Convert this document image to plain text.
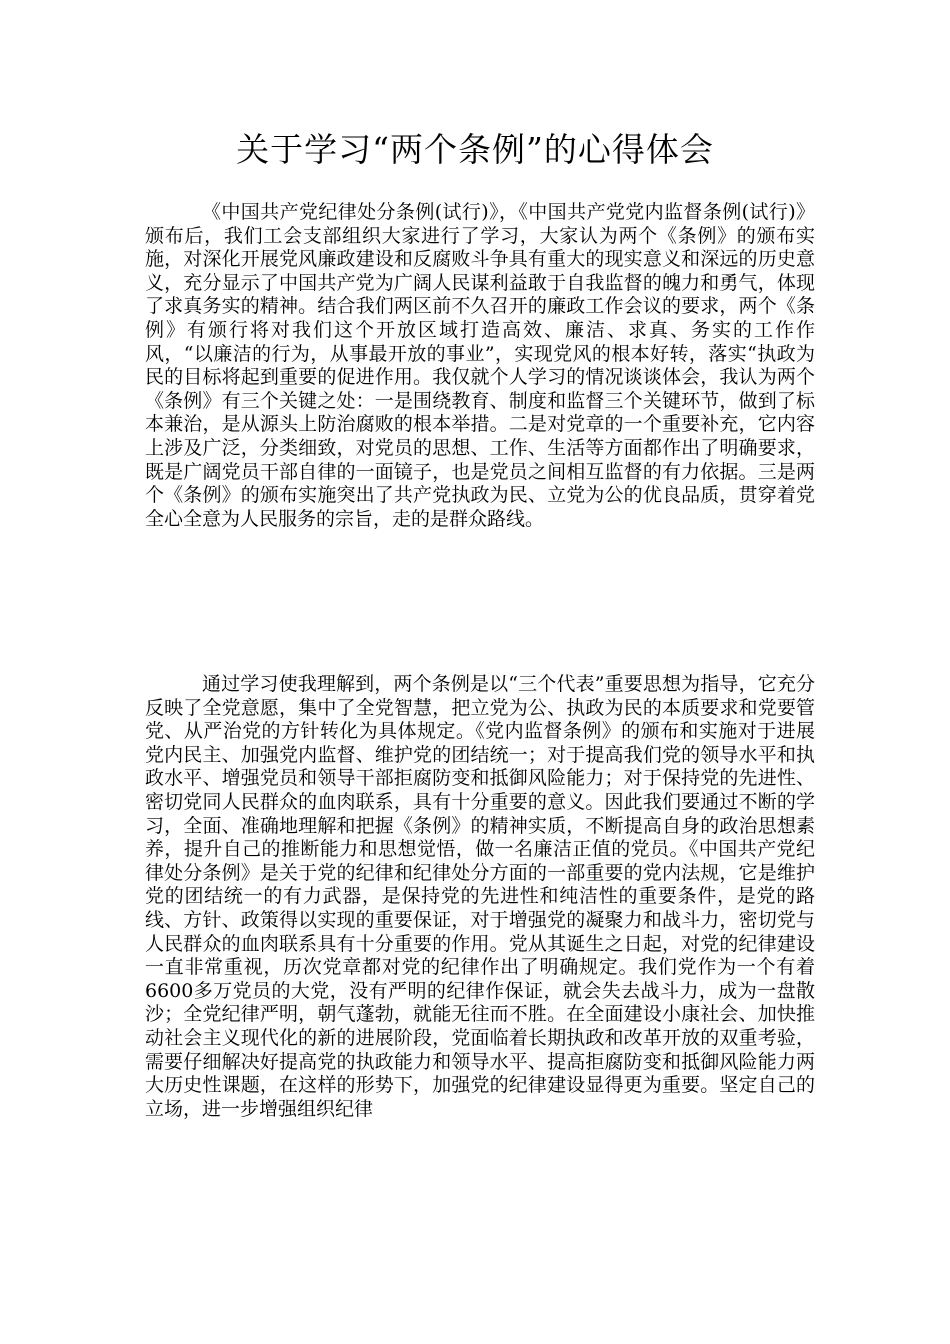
关于学习“两个条例”的心得体会

《中国共产党纪律处分条例(试行)》，《中国共产党党内监督条例(试行)》颁布后，我们工会支部组织大家进行了学习，大家认为两个《条例》的颁布实施，对深化开展党风廉政建设和反腐败斗争具有重大的现实意义和深远的历史意义，充分显示了中国共产党为广阔人民谋利益敢于自我监督的魄力和勇气，体现了求真务实的精神。结合我们两区前不久召开的廉政工作会议的要求，两个《条例》有颁行将对我们这个开放区域打造高效、廉洁、求真、务实的工作作风，“以廉洁的行为，从事最开放的事业”，实现党风的根本好转，落实“执政为民的目标将起到重要的促进作用。我仅就个人学习的情况谈谈体会，我认为两个《条例》有三个关键之处：一是围绕教育、制度和监督三个关键环节，做到了标本兼治，是从源头上防治腐败的根本举措。二是对党章的一个重要补充，它内容上涉及广泛，分类细致，对党员的思想、工作、生活等方面都作出了明确要求，既是广阔党员干部自律的一面镜子，也是党员之间相互监督的有力依据。三是两个《条例》的颁布实施突出了共产党执政为民、立党为公的优良品质，贯穿着党全心全意为人民服务的宗旨，走的是群众路线。

通过学习使我理解到，两个条例是以“三个代表”重要思想为指导，它充分反映了全党意愿，集中了全党智慧，把立党为公、执政为民的本质要求和党要管党、从严治党的方针转化为具体规定。《党内监督条例》的颁布和实施对于进展党内民主、加强党内监督、维护党的团结统一；对于提高我们党的领导水平和执政水平、增强党员和领导干部拒腐防变和抵御风险能力；对于保持党的先进性、密切党同人民群众的血肉联系，具有十分重要的意义。因此我们要通过不断的学习，全面、准确地理解和把握《条例》的精神实质，不断提高自身的政治思想素养，提升自己的推断能力和思想觉悟，做一名廉洁正值的党员。《中国共产党纪律处分条例》是关于党的纪律和纪律处分方面的一部重要的党内法规，它是维护党的团结统一的有力武器，是保持党的先进性和纯洁性的重要条件，是党的路线、方针、政策得以实现的重要保证，对于增强党的凝聚力和战斗力，密切党与人民群众的血肉联系具有十分重要的作用。党从其诞生之日起，对党的纪律建设一直非常重视，历次党章都对党的纪律作出了明确规定。我们党作为一个有着6600多万党员的大党，没有严明的纪律作保证，就会失去战斗力，成为一盘散沙；全党纪律严明，朝气蓬勃，就能无往而不胜。在全面建设小康社会、加快推动社会主义现代化的新的进展阶段，党面临着长期执政和改革开放的双重考验，需要仔细解决好提高党的执政能力和领导水平、提高拒腐防变和抵御风险能力两大历史性课题，在这样的形势下，加强党的纪律建设显得更为重要。坚定自己的立场，进一步增强组织纪律
